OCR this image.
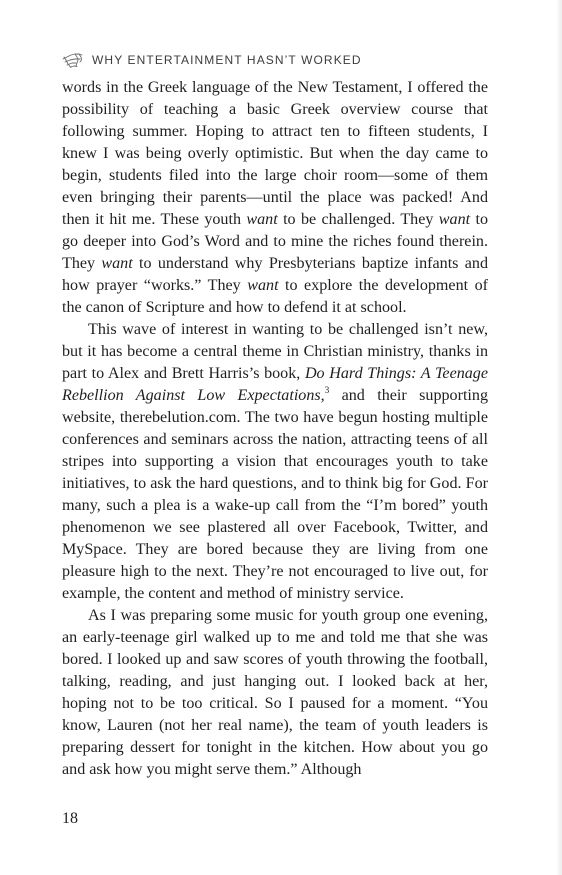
WHY ENTERTAINMENT HASN’T WORKED

words in the Greek language of the New Testament, I offered the possibility of teaching a basic Greek overview course that following summer. Hoping to attract ten to fifteen students, I knew I was being overly optimistic. But when the day came to begin, students filed into the large choir room—some of them even bringing their parents—until the place was packed! And then it hit me. These youth want to be challenged. They want to go deeper into God’s Word and to mine the riches found therein. They want to understand why Presbyterians baptize infants and how prayer “works.” They want to explore the development of the canon of Scripture and how to defend it at school.

This wave of interest in wanting to be challenged isn’t new, but it has become a central theme in Christian ministry, thanks in part to Alex and Brett Harris’s book, Do Hard Things: A Teenage Rebellion Against Low Expectations,$^3$ and their supporting website, therebelution.com. The two have begun hosting multiple conferences and seminars across the nation, attracting teens of all stripes into supporting a vision that encourages youth to take initiatives, to ask the hard questions, and to think big for God. For many, such a plea is a wake-up call from the “I’m bored” youth phenomenon we see plastered all over Facebook, Twitter, and MySpace. They are bored because they are living from one pleasure high to the next. They’re not encouraged to live out, for example, the content and method of ministry service.

As I was preparing some music for youth group one evening, an early-teenage girl walked up to me and told me that she was bored. I looked up and saw scores of youth throwing the football, talking, reading, and just hanging out. I looked back at her, hoping not to be too critical. So I paused for a moment. “You know, Lauren (not her real name), the team of youth leaders is preparing dessert for tonight in the kitchen. How about you go and ask how you might serve them.” Although

18
